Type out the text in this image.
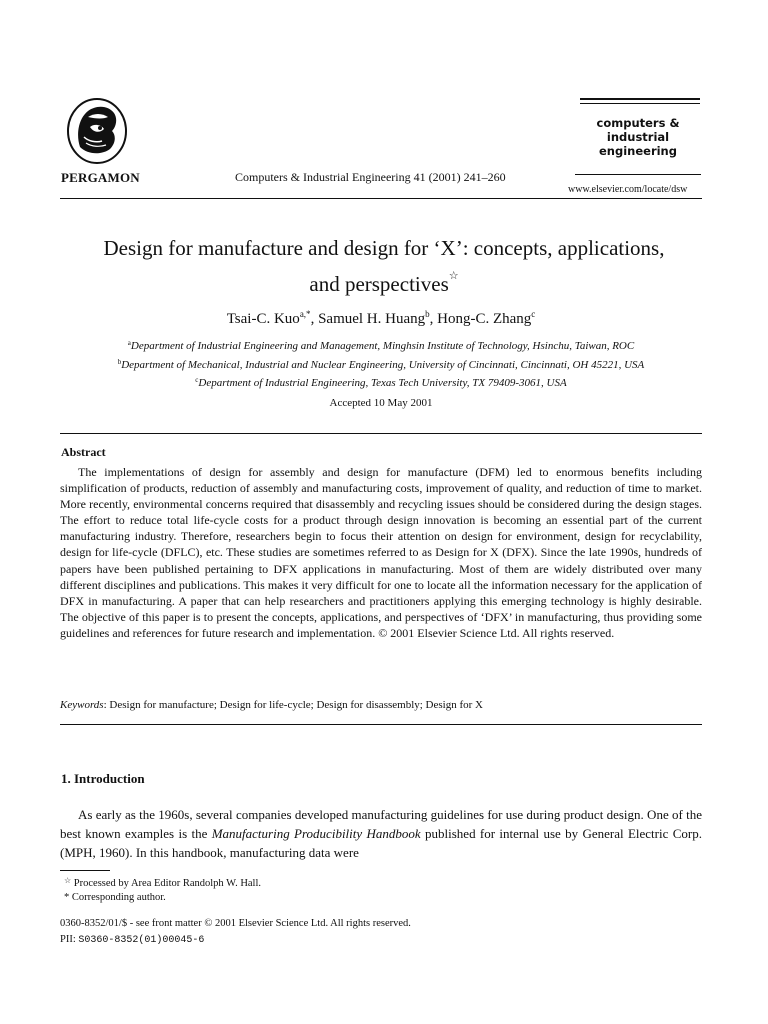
PERGAMON	Computers & Industrial Engineering 41 (2001) 241–260
computers &
industrial
engineering
www.elsevier.com/locate/dsw
Design for manufacture and design for ‘X’: concepts, applications,
and perspectives☆
Tsai-C. Kuo$^{a,*}$, Samuel H. Huang$^b$, Hong-C. Zhang$^c$
$^a$Department of Industrial Engineering and Management, Minghsin Institute of Technology, Hsinchu, Taiwan, ROC
$^b$Department of Mechanical, Industrial and Nuclear Engineering, University of Cincinnati, Cincinnati, OH 45221, USA
$^c$Department of Industrial Engineering, Texas Tech University, TX 79409-3061, USA
Accepted 10 May 2001
Abstract

The implementations of design for assembly and design for manufacture (DFM) led to enormous benefits including simplification of products, reduction of assembly and manufacturing costs, improvement of quality, and reduction of time to market. More recently, environmental concerns required that disassembly and recycling issues should be considered during the design stages. The effort to reduce total life-cycle costs for a product through design innovation is becoming an essential part of the current manufacturing industry. Therefore, researchers begin to focus their attention on design for environment, design for recyclability, design for life-cycle (DFLC), etc. These studies are sometimes referred to as Design for X (DFX). Since the late 1990s, hundreds of papers have been published pertaining to DFX applications in manufacturing. Most of them are widely distributed over many different disciplines and publications. This makes it very difficult for one to locate all the information necessary for the application of DFX in manufacturing. A paper that can help researchers and practitioners applying this emerging technology is highly desirable. The objective of this paper is to present the concepts, applications, and perspectives of ‘DFX’ in manufacturing, thus providing some guidelines and references for future research and implementation. © 2001 Elsevier Science Ltd. All rights reserved.

Keywords: Design for manufacture; Design for life-cycle; Design for disassembly; Design for X
1. Introduction

As early as the 1960s, several companies developed manufacturing guidelines for use during product design. One of the best known examples is the Manufacturing Producibility Handbook published for internal use by General Electric Corp. (MPH, 1960). In this handbook, manufacturing data were

☆ Processed by Area Editor Randolph W. Hall.
* Corresponding author.
0360-8352/01/$ - see front matter © 2001 Elsevier Science Ltd. All rights reserved.
PII: S0360-8352(01)00045-6
